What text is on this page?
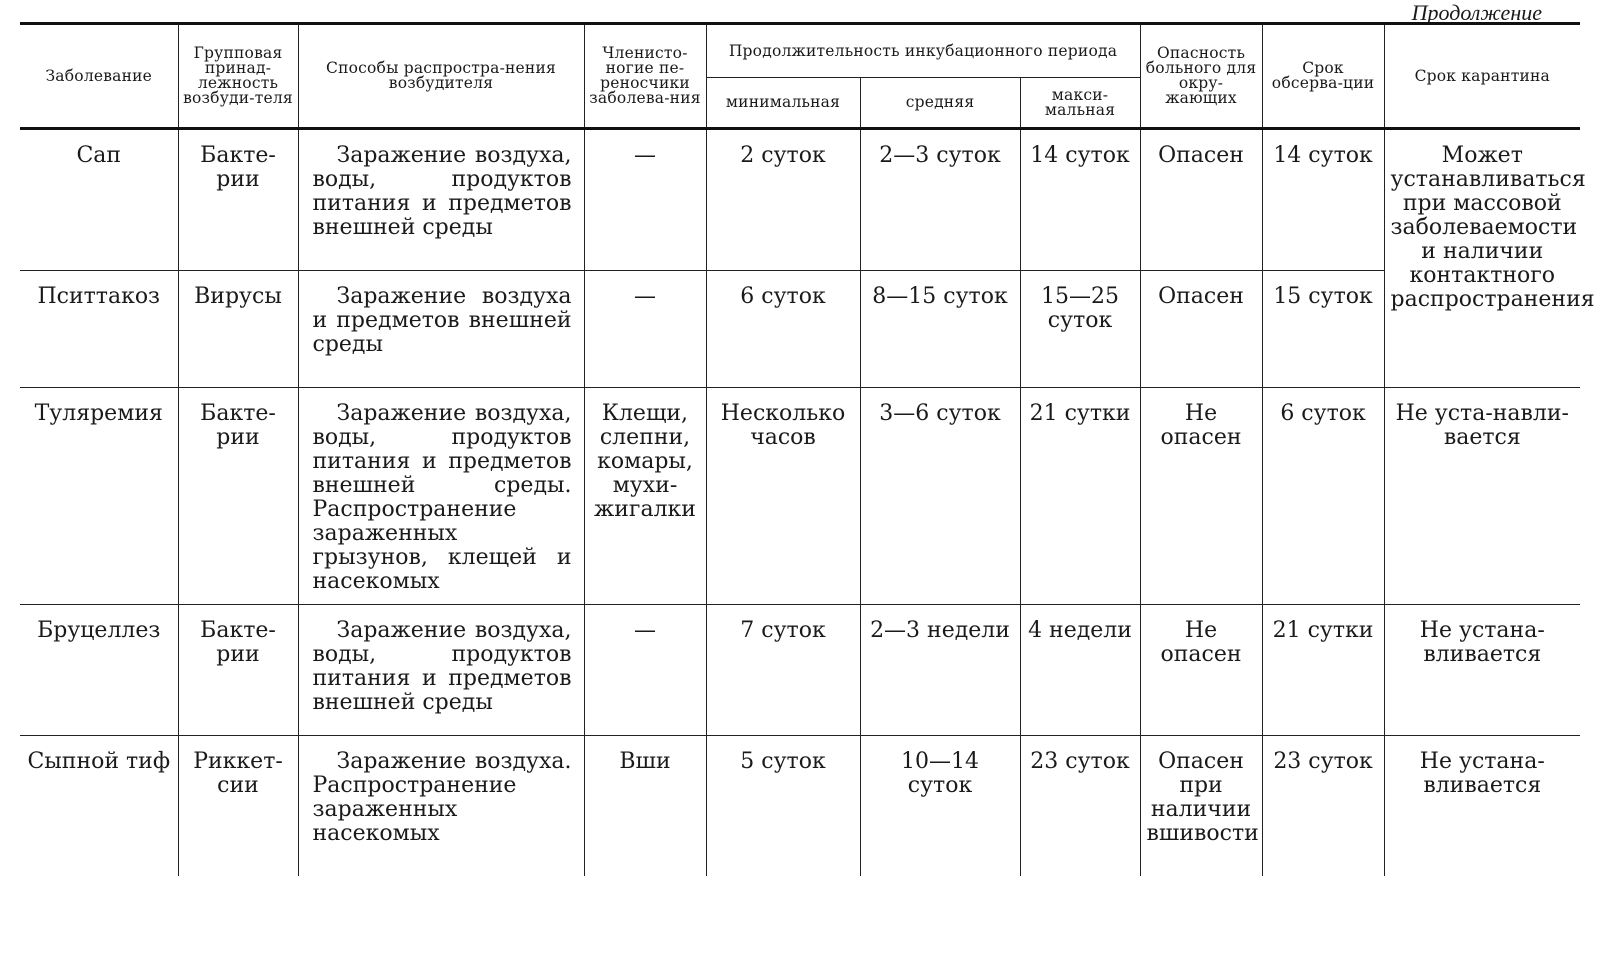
Продолжение
Заболевание	Групповая принад-лежность возбуди-теля	Способы распростра-нения возбудителя	Членисто-ногие пе-реносчики заболева-ния	Продолжительность инкубационного периода			Опасность больного для окру-жающих	Срок обсерва-ции	Срок карантина
				минимальная	средняя	макси-мальная			
Сап	Бакте-рии	Заражение воздуха, воды, продуктов питания и предметов внешней среды	—	2 суток	2—3 суток	14 суток	Опасен	14 суток	Может устанавливаться при массовой заболеваемости и наличии контактного распространения
Пситтакоз	Вирусы	Заражение воздуха и предметов внешней среды	—	6 суток	8—15 суток	15—25 суток	Опасен	15 суток	
Туляремия	Бакте-рии	Заражение воздуха, воды, продуктов питания и предметов внешней среды. Распространение зараженных грызунов, клещей и насекомых	Клещи, слепни, комары, мухи-жигалки	Несколько часов	3—6 суток	21 сутки	Не опасен	6 суток	Не уста-навли-вается
Бруцеллез	Бакте-рии	Заражение воздуха, воды, продуктов питания и предметов внешней среды	—	7 суток	2—3 недели	4 недели	Не опасен	21 сутки	Не устана-вливается
Сыпной тиф	Риккет-сии	Заражение воздуха. Распространение зараженных насекомых	Вши	5 суток	10—14 суток	23 суток	Опасен при наличии вшивости	23 суток	Не устана-вливается
